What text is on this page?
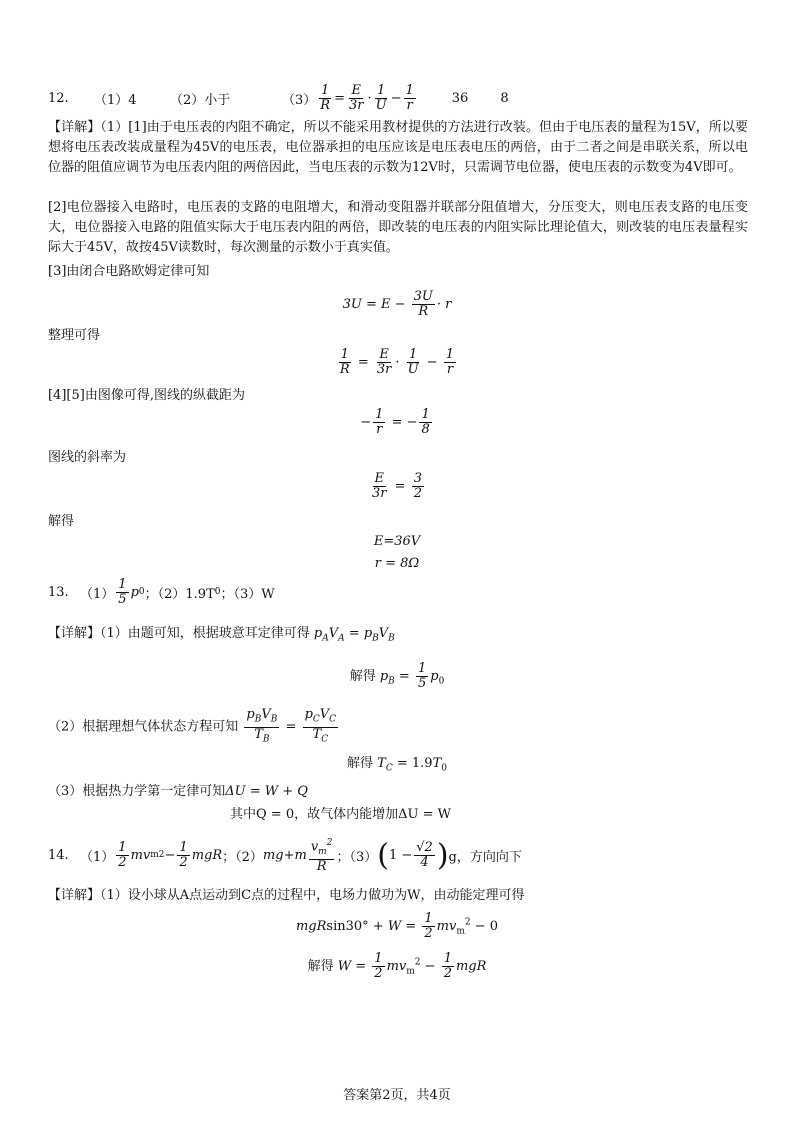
12.	（1）4	（2）小于	$(3) \frac{1}{R} = \frac{E}{3r} \cdot \frac{1}{U} - \frac{1}{r}$	36 8
【详解】（1）[1]由于电压表的内阻不确定，所以不能采用教材提供的方法进行改装。但由于电压表的量程为15V，所以要想将电压表改装成量程为45V的电压表，电位器承担的电压应该是电压表电压的两倍，由于二者之间是串联关系，所以电位器的阻值应调节为电压表内阻的两倍因此，当电压表的示数为12V时，只需调节电位器，使电压表的示数变为4V即可。
[2]电位器接入电路时，电压表的支路的电阻增大，和滑动变阻器并联部分阻值增大，分压变大，则电压表支路的电压变大，电位器接入电路的阻值实际大于电压表内阻的两倍，即改装的电压表的内阻实际比理论值大，则改装的电压表量程实际大于45V，故按45V读数时，每次测量的示数小于真实值。
[3]由闭合电路欧姆定律可知
$3U = E - \frac{3U}{R} \cdot r$
整理可得
$\frac{1}{R} = \frac{E}{3r} \cdot \frac{1}{U} - \frac{1}{r}$
[4][5]由图像可得,图线的纵截距为
− $\frac{1}{r}$ = − $\frac{1}{8}$
图线的斜率为
$\frac{E}{3r} = \frac{3}{2}$
解得
E=36V
r = 8Ω
13. $(1) \frac{1}{5}$ p 0 ；（2）1.9T 0 ；（3）W
【详解】（1）由题可知，根据玻意耳定律可得 $p_AV_A = p_BV_B$
解得 $p_B = \frac{1}{5} p_0$
（2）根据理想气体状态方程可知 $\frac{p_BV_B}{T_B} = \frac{p_CV_C}{T_C}$
解得 $T_C = 1.9T_0$
（3）根据热力学第一定律可知ΔU = W + Q
其中Q = 0，故气体内能增加ΔU = W
14. $(1) \frac{1}{2}$ mv m $2 - \frac{1}{2}$ mgR ；（2） mg + m $\frac{v_m^2}{R}$ ；（3） ( $1 - \frac{√2}{4}$ ) g，方向向下
【详解】（1）设小球从A点运动到C点的过程中，电场力做功为W，由动能定理可得
$mgRsin30^\circ + W = \frac{1}{2} mv_m^2 - 0$
解得 $W = \frac{1}{2} mv_m^2 - \frac{1}{2}$ mgR
答案第2页，共4页
